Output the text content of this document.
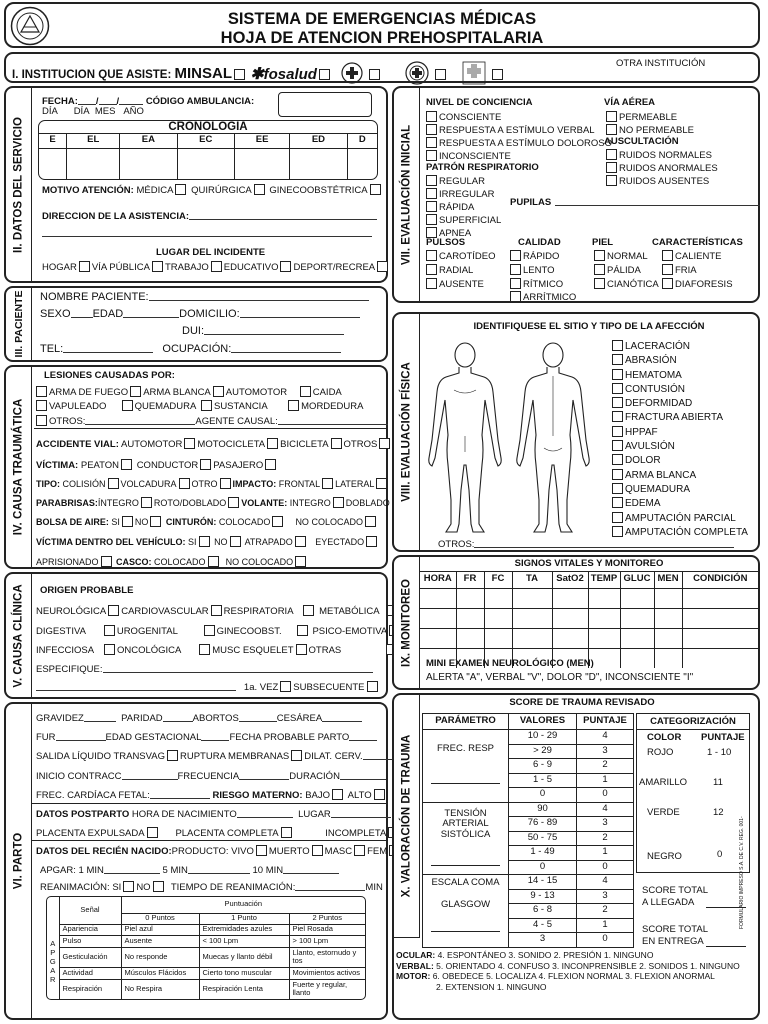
SISTEMA DE EMERGENCIAS MÉDICAS
HOJA DE ATENCION PREHOSPITALARIA
I. INSTITUCION QUE ASISTE: MINSAL ✱fosalud
OTRA INSTITUCIÓN
II. DATOS DEL SERVICIO
FECHA: / /	CÓDIGO AMBULANCIA:
DÍA DÍA MES AÑO
CRONOLOGIA
E	EL	EA	EC	EE	ED	D

MOTIVO ATENCIÓN: MÉDICA QUIRÚRGICA GINECOOBSTÉTRICA
DIRECCION DE LA ASISTENCIA:
LUGAR DEL INCIDENTE
HOGAR VÍA PÚBLICA TRABAJO EDUCATIVO DEPORT/RECREA
III. PACIENTE NOMBRE PACIENTE:
SEXO EDAD	DOMICILIO:
DUI:
TEL:	OCUPACIÓN:
IV. CAUSA TRAUMÁTICA
LESIONES CAUSADAS POR:
ARMA DE FUEGO ARMA BLANCA AUTOMOTOR	CAIDA
VAPULEADO	QUEMADURA SUSTANCIA	MORDEDURA
OTROS:	AGENTE CAUSAL:
ACCIDENTE VIAL: AUTOMOTOR MOTOCICLETA BICICLETA OTROS
VÍCTIMA: PEATON CONDUCTOR PASAJERO
TIPO: COLISIÓN VOLCADURA OTRO IMPACTO: FRONTAL LATERAL
PARABRISAS:ÍNTEGRO ROTO/DOBLADO VOLANTE: INTEGRO DOBLADO
BOLSA DE AIRE: SI NO CINTURÓN: COLOCADO	NO COLOCADO
VÍCTIMA DENTRO DEL VEHÍCULO: SI NO ATRAPADO	EYECTADO
APRISIONADO CASCO: COLOCADO NO COLOCADO
V. CAUSA CLÍNICA ORIGEN PROBABLE
NEUROLÓGICA CARDIOVASCULAR RESPIRATORIA	METABÓLICA
DIGESTIVA	UROGENITAL	GINECOOBST.	PSICO-EMOTIVA
INFECCIOSA ONCOLÓGICA	MUSC ESQUELET OTRAS
ESPECIFIQUE:
1a. VEZ SUBSECUENTE
VI. PARTO
GRAVIDEZ	PARIDAD	ABORTOS	CESÁREA
FUR	EDAD GESTACIONAL	FECHA PROBABLE PARTO
SALIDA LÍQUIDO TRANSVAG RUPTURA MEMBRANAS DILAT. CERV.
INICIO CONTRACC	FRECUENCIA	DURACIÓN
FREC. CARDÍACA FETAL:	RIESGO MATERNO: BAJO ALTO
DATOS POSTPARTO HORA DE NACIMIENTO	LUGAR
PLACENTA EXPULSADA	PLACENTA COMPLETA	INCOMPLETA
DATOS DEL RECIÉN NACIDO:PRODUCTO: VIVO MUERTO MASC FEM
APGAR: 1 MIN	5 MIN	10 MIN
REANIMACIÓN: SI NO TIEMPO DE REANIMACIÓN:	MIN
	Señal	Puntuación		
		0 Puntos	1 Punto	2 Puntos
A
P
G
A
R	Apariencia	Piel azul	Extremidades azules	Piel Rosada
	Pulso	Ausente	< 100 Lpm	> 100 Lpm
	Gesticulación	No responde	Muecas y llanto débil	Llanto, estornudo y tos
	Actividad	Músculos Flácidos	Cierto tono muscular	Movimientos activos
	Respiración	No Respira	Respiración Lenta	Fuerte y regular, llanto
VII. EVALUACIÓN INICIAL
NIVEL DE CONCIENCIA
CONSCIENTE
RESPUESTA A ESTÍMULO VERBAL
RESPUESTA A ESTÍMULO DOLOROSO
INCONSCIENTE
PATRÓN RESPIRATORIO
REGULAR
IRREGULAR
RÁPIDA
SUPERFICIAL
APNEA
VÍA AÉREA
PERMEABLE
NO PERMEABLE
AUSCULTACIÓN
RUIDOS NORMALES
RUIDOS ANORMALES
RUIDOS AUSENTES
PUPILAS
PULSOS
CAROTÍDEO
RADIAL
AUSENTE
CALIDAD
RÁPIDO
LENTO
RÍTMICO
ARRÍTMICO
PIEL
NORMAL
PÁLIDA
CIANÓTICA
CARACTERÍSTICAS
CALIENTE
FRIA
DIAFORESIS
VIII. EVALUACIÓN FÍSICA
IDENTIFIQUESE EL SITIO Y TIPO DE LA AFECCIÓN
LACERACIÓN
ABRASIÓN
HEMATOMA
CONTUSIÓN
DEFORMIDAD
FRACTURA ABIERTA
HPPAF
AVULSIÓN
DOLOR
ARMA BLANCA
QUEMADURA
EDEMA
AMPUTACIÓN PARCIAL
AMPUTACIÓN COMPLETA
OTROS:
IX. MONITOREO
SIGNOS VITALES Y MONITOREO
HORA	FR	FC	TA	SatO2	TEMP	GLUC	MEN	CONDICIÓN

MINI EXAMEN NEUROLÓGICO (MEN)
ALERTA "A", VERBAL "V", DOLOR "D", INCONSCIENTE "I"
X. VALORACIÓN DE TRAUMA
SCORE DE TRAUMA REVISADO
FORMULARIO IMPRESO S.A. DE C.V. REG. 001-
PARÁMETRO	VALORES	PUNTAJE
FREC. RESP	10 - 29	4
	> 29	3
	6 - 9	2
	1 - 5	1
	0	0
TENSIÓN
ARTERIAL SISTÓLICA	90	4
	76 - 89	3
	50 - 75	2
	1 - 49	1
	0	0
ESCALA COMA

GLASGOW	14 - 15	4
	9 - 13	3
	6 - 8	2
	4 - 5	1
	3	0
CATEGORIZACIÓN
COLOR PUNTAJE
ROJO	1 - 10
AMARILLO	11
VERDE	12
NEGRO	0
SCORE TOTAL
A LLEGADA
SCORE TOTAL
EN ENTREGA
OCULAR: 4. ESPONTÁNEO 3. SONIDO 2. PRESIÓN 1. NINGUNO
VERBAL: 5. ORIENTADO 4. CONFUSO 3. INCONPRENSIBLE 2. SONIDOS 1. NINGUNO
MOTOR: 6. OBEDECE 5. LOCALIZA 4. FLEXION NORMAL 3. FLEXION ANORMAL
2. EXTENSION 1. NINGUNO
